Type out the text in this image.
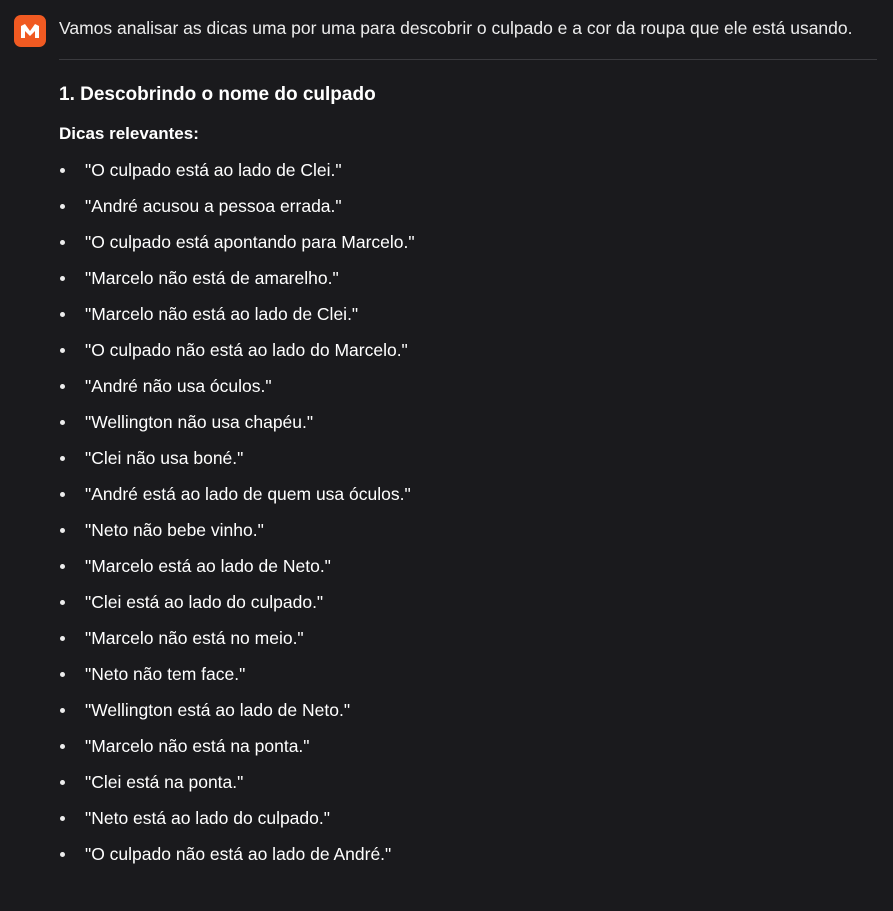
Vamos analisar as dicas uma por uma para descobrir o culpado e a cor da roupa que ele está usando.

1. Descobrindo o nome do culpado

Dicas relevantes:

"O culpado está ao lado de Clei."
"André acusou a pessoa errada."
"O culpado está apontando para Marcelo."
"Marcelo não está de amarelho."
"Marcelo não está ao lado de Clei."
"O culpado não está ao lado do Marcelo."
"André não usa óculos."
"Wellington não usa chapéu."
"Clei não usa boné."
"André está ao lado de quem usa óculos."
"Neto não bebe vinho."
"Marcelo está ao lado de Neto."
"Clei está ao lado do culpado."
"Marcelo não está no meio."
"Neto não tem face."
"Wellington está ao lado de Neto."
"Marcelo não está na ponta."
"Clei está na ponta."
"Neto está ao lado do culpado."
"O culpado não está ao lado de André."
